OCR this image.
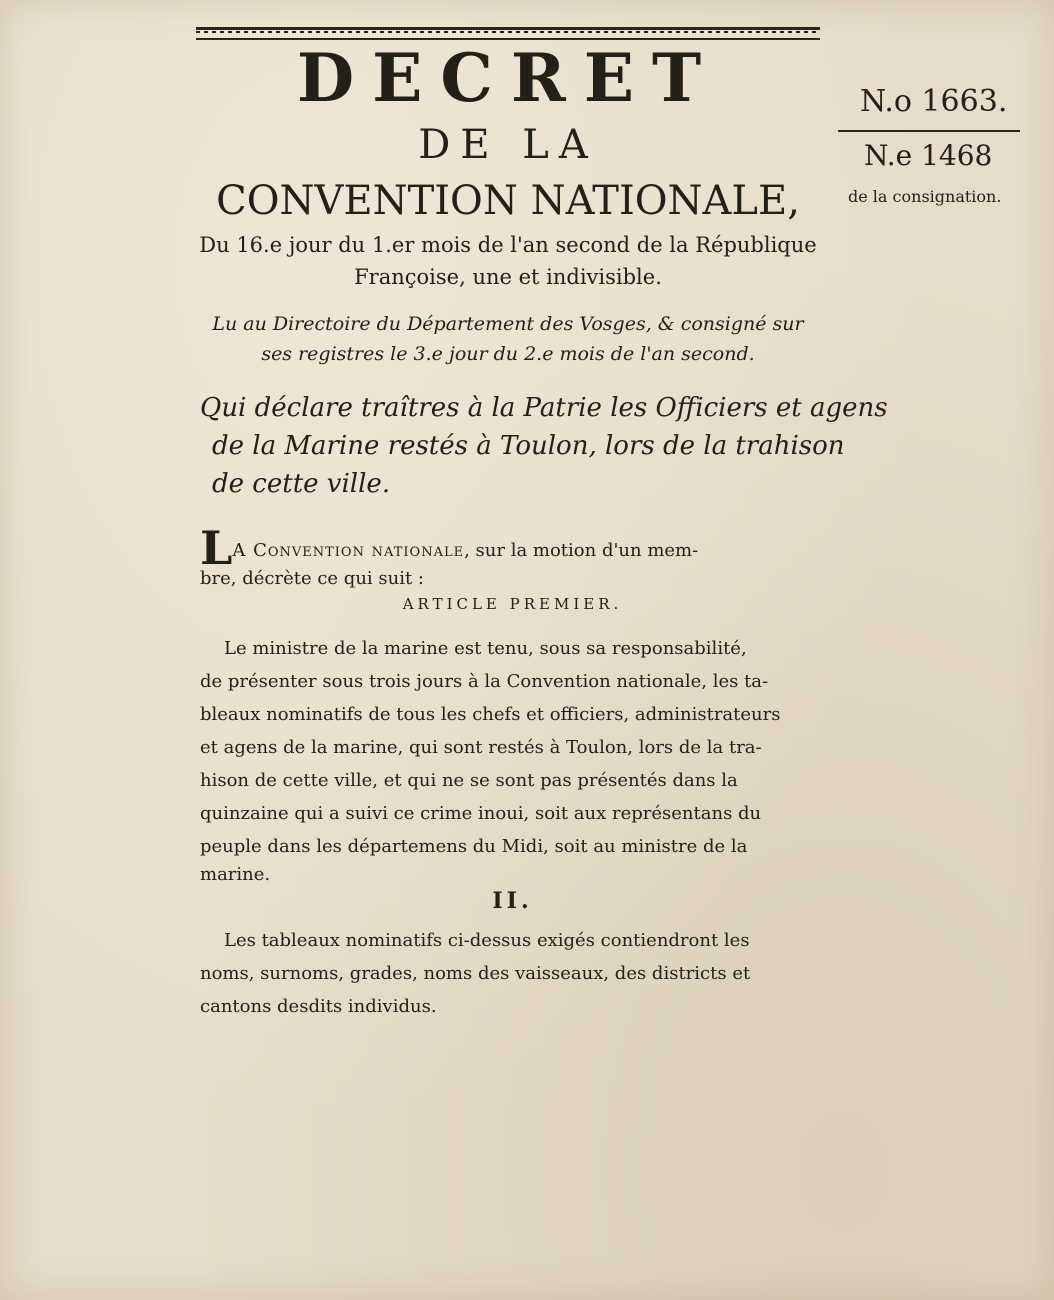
DECRET
DE LA
CONVENTION NATIONALE,
Du 16.e jour du 1.er mois de l'an second de la République
Françoise, une et indivisible.
Lu au Directoire du Département des Vosges, & consigné sur
ses registres le 3.e jour du 2.e mois de l'an second.
N.o 1663.
N.e 1468
de la consignation.
Qui déclare traîtres à la Patrie les Officiers et agens
de la Marine restés à Toulon, lors de la trahison
de cette ville.
LA Convention nationale, sur la motion d'un mem-
bre, décrète ce qui suit :
ARTICLE PREMIER.
Le ministre de la marine est tenu, sous sa responsabilité,
de présenter sous trois jours à la Convention nationale, les ta-
bleaux nominatifs de tous les chefs et officiers, administrateurs
et agens de la marine, qui sont restés à Toulon, lors de la tra-
hison de cette ville, et qui ne se sont pas présentés dans la
quinzaine qui a suivi ce crime inoui, soit aux représentans du
peuple dans les départemens du Midi, soit au ministre de la
marine.
II.
Les tableaux nominatifs ci-dessus exigés contiendront les
noms, surnoms, grades, noms des vaisseaux, des districts et
cantons desdits individus.
